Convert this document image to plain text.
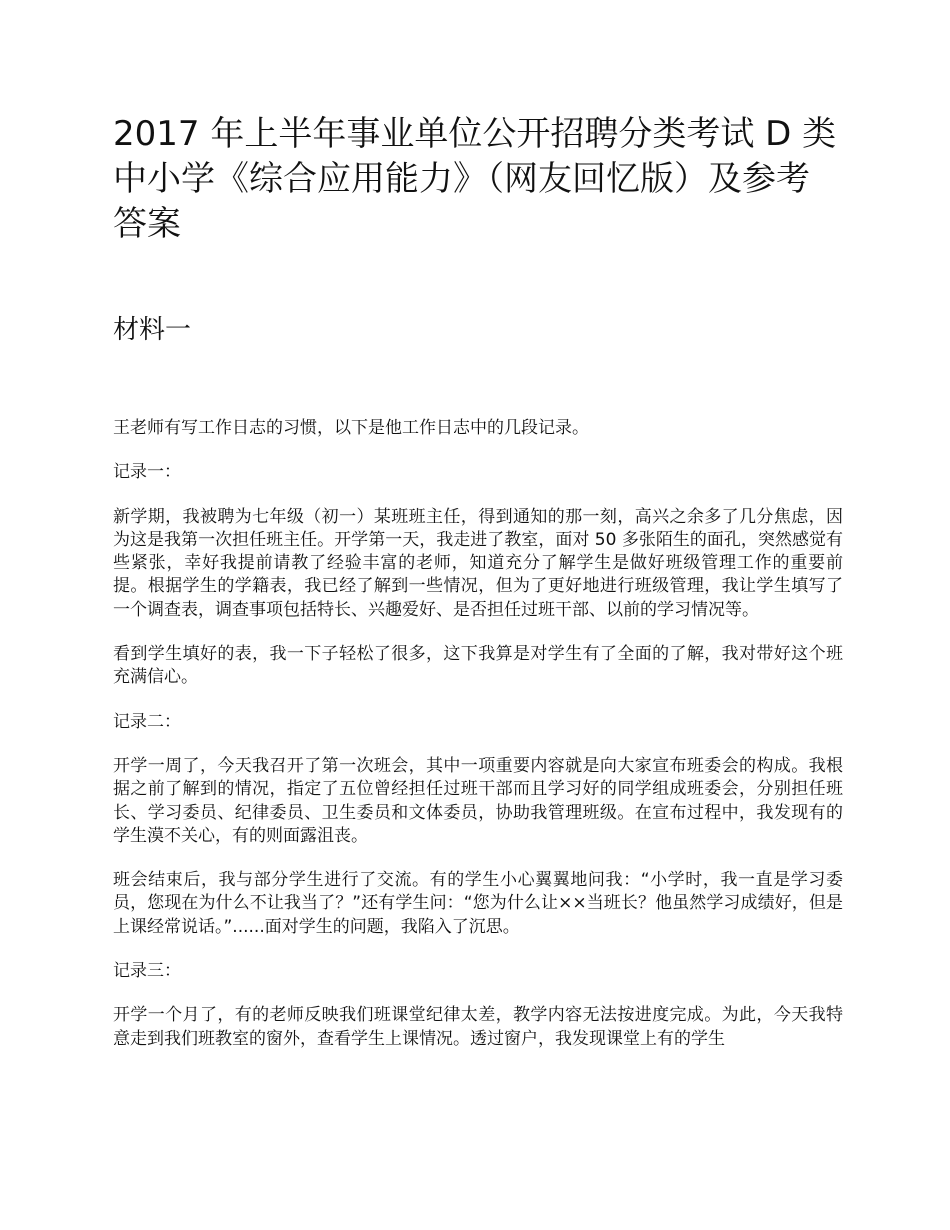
2017 年上半年事业单位公开招聘分类考试 D 类中小学《综合应用能力》（网友回忆版）及参考答案
材料一

王老师有写工作日志的习惯，以下是他工作日志中的几段记录。

记录一：

新学期，我被聘为七年级（初一）某班班主任，得到通知的那一刻，高兴之余多了几分焦虑，因为这是我第一次担任班主任。开学第一天，我走进了教室，面对 50 多张陌生的面孔，突然感觉有些紧张，幸好我提前请教了经验丰富的老师，知道充分了解学生是做好班级管理工作的重要前提。根据学生的学籍表，我已经了解到一些情况，但为了更好地进行班级管理，我让学生填写了一个调查表，调查事项包括特长、兴趣爱好、是否担任过班干部、以前的学习情况等。

看到学生填好的表，我一下子轻松了很多，这下我算是对学生有了全面的了解，我对带好这个班充满信心。

记录二：

开学一周了，今天我召开了第一次班会，其中一项重要内容就是向大家宣布班委会的构成。我根据之前了解到的情况，指定了五位曾经担任过班干部而且学习好的同学组成班委会，分别担任班长、学习委员、纪律委员、卫生委员和文体委员，协助我管理班级。在宣布过程中，我发现有的学生漠不关心，有的则面露沮丧。

班会结束后，我与部分学生进行了交流。有的学生小心翼翼地问我：“小学时，我一直是学习委员，您现在为什么不让我当了？”还有学生问：“您为什么让××当班长？他虽然学习成绩好，但是上课经常说话。”......面对学生的问题，我陷入了沉思。

记录三：

开学一个月了，有的老师反映我们班课堂纪律太差，教学内容无法按进度完成。为此，今天我特意走到我们班教室的窗外，查看学生上课情况。透过窗户，我发现课堂上有的学生
